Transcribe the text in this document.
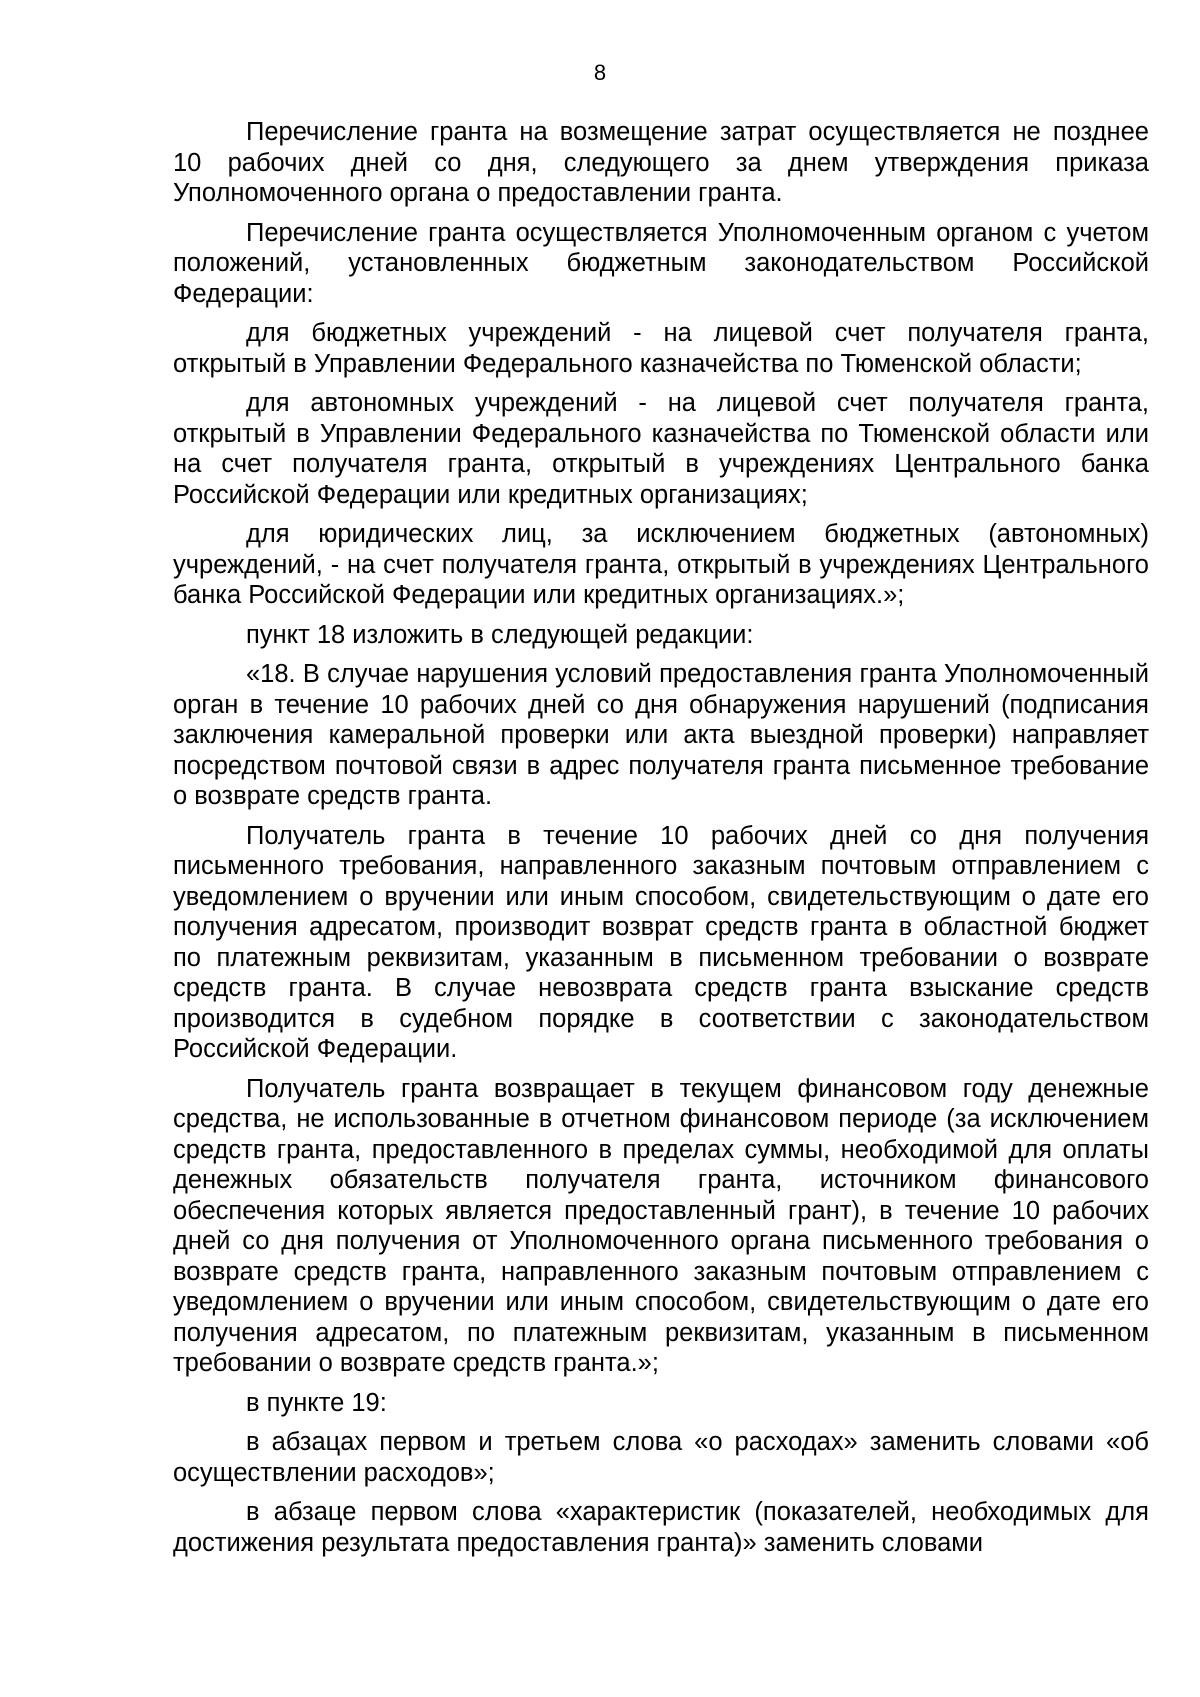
8

Перечисление гранта на возмещение затрат осуществляется не позднее 10 рабочих дней со дня, следующего за днем утверждения приказа Уполномоченного органа о предоставлении гранта.

Перечисление гранта осуществляется Уполномоченным органом с учетом положений, установленных бюджетным законодательством Российской Федерации:

для бюджетных учреждений - на лицевой счет получателя гранта, открытый в Управлении Федерального казначейства по Тюменской области;

для автономных учреждений - на лицевой счет получателя гранта, открытый в Управлении Федерального казначейства по Тюменской области или на счет получателя гранта, открытый в учреждениях Центрального банка Российской Федерации или кредитных организациях;

для юридических лиц, за исключением бюджетных (автономных) учреждений, - на счет получателя гранта, открытый в учреждениях Центрального банка Российской Федерации или кредитных организациях.»;

пункт 18 изложить в следующей редакции:

«18. В случае нарушения условий предоставления гранта Уполномоченный орган в течение 10 рабочих дней со дня обнаружения нарушений (подписания заключения камеральной проверки или акта выездной проверки) направляет посредством почтовой связи в адрес получателя гранта письменное требование о возврате средств гранта.

Получатель гранта в течение 10 рабочих дней со дня получения письменного требования, направленного заказным почтовым отправлением с уведомлением о вручении или иным способом, свидетельствующим о дате его получения адресатом, производит возврат средств гранта в областной бюджет по платежным реквизитам, указанным в письменном требовании о возврате средств гранта. В случае невозврата средств гранта взыскание средств производится в судебном порядке в соответствии с законодательством Российской Федерации.

Получатель гранта возвращает в текущем финансовом году денежные средства, не использованные в отчетном финансовом периоде (за исключением средств гранта, предоставленного в пределах суммы, необходимой для оплаты денежных обязательств получателя гранта, источником финансового обеспечения которых является предоставленный грант), в течение 10 рабочих дней со дня получения от Уполномоченного органа письменного требования о возврате средств гранта, направленного заказным почтовым отправлением с уведомлением о вручении или иным способом, свидетельствующим о дате его получения адресатом, по платежным реквизитам, указанным в письменном требовании о возврате средств гранта.»;

в пункте 19:

в абзацах первом и третьем слова «о расходах» заменить словами «об осуществлении расходов»;

в абзаце первом слова «характеристик (показателей, необходимых для достижения результата предоставления гранта)» заменить словами
